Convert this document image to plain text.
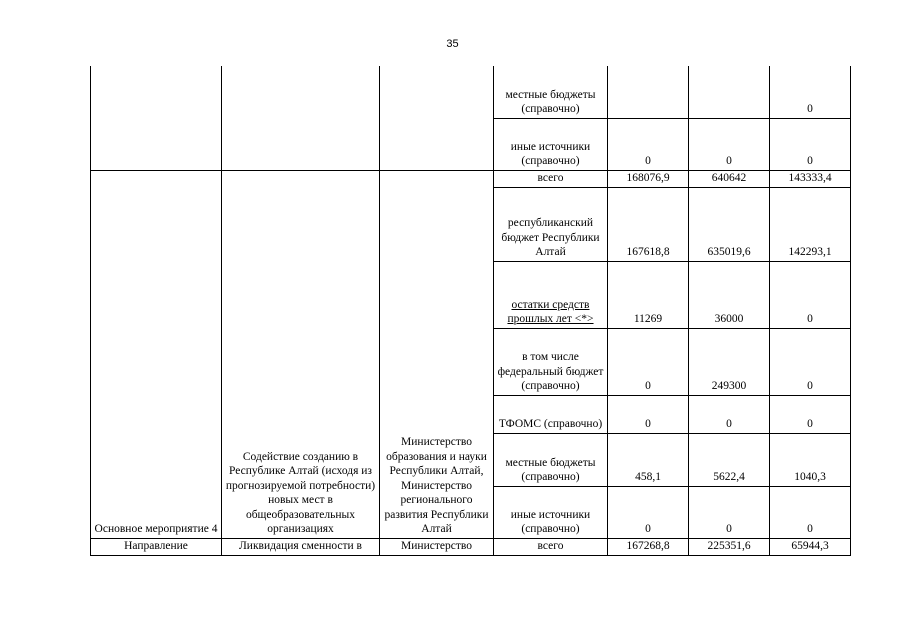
35
			местные бюджеты (справочно)			0
			иные источники (справочно)	0	0	0
Основное мероприятие 4	Содействие созданию в Республике Алтай (исходя из прогнозируемой потребности) новых мест в общеобразовательных организациях	Министерство образования и науки Республики Алтай, Министерство регионального развития Республики Алтай	всего	168076,9	640642	143333,4
			республиканский бюджет Республики Алтай	167618,8	635019,6	142293,1
			остатки средств прошлых лет <*>	11269	36000	0
			в том числе федеральный бюджет (справочно)	0	249300	0
			ТФОМС (справочно)	0	0	0
			местные бюджеты (справочно)	458,1	5622,4	1040,3
			иные источники (справочно)	0	0	0
Направление	Ликвидация сменности в	Министерство	всего	167268,8	225351,6	65944,3
